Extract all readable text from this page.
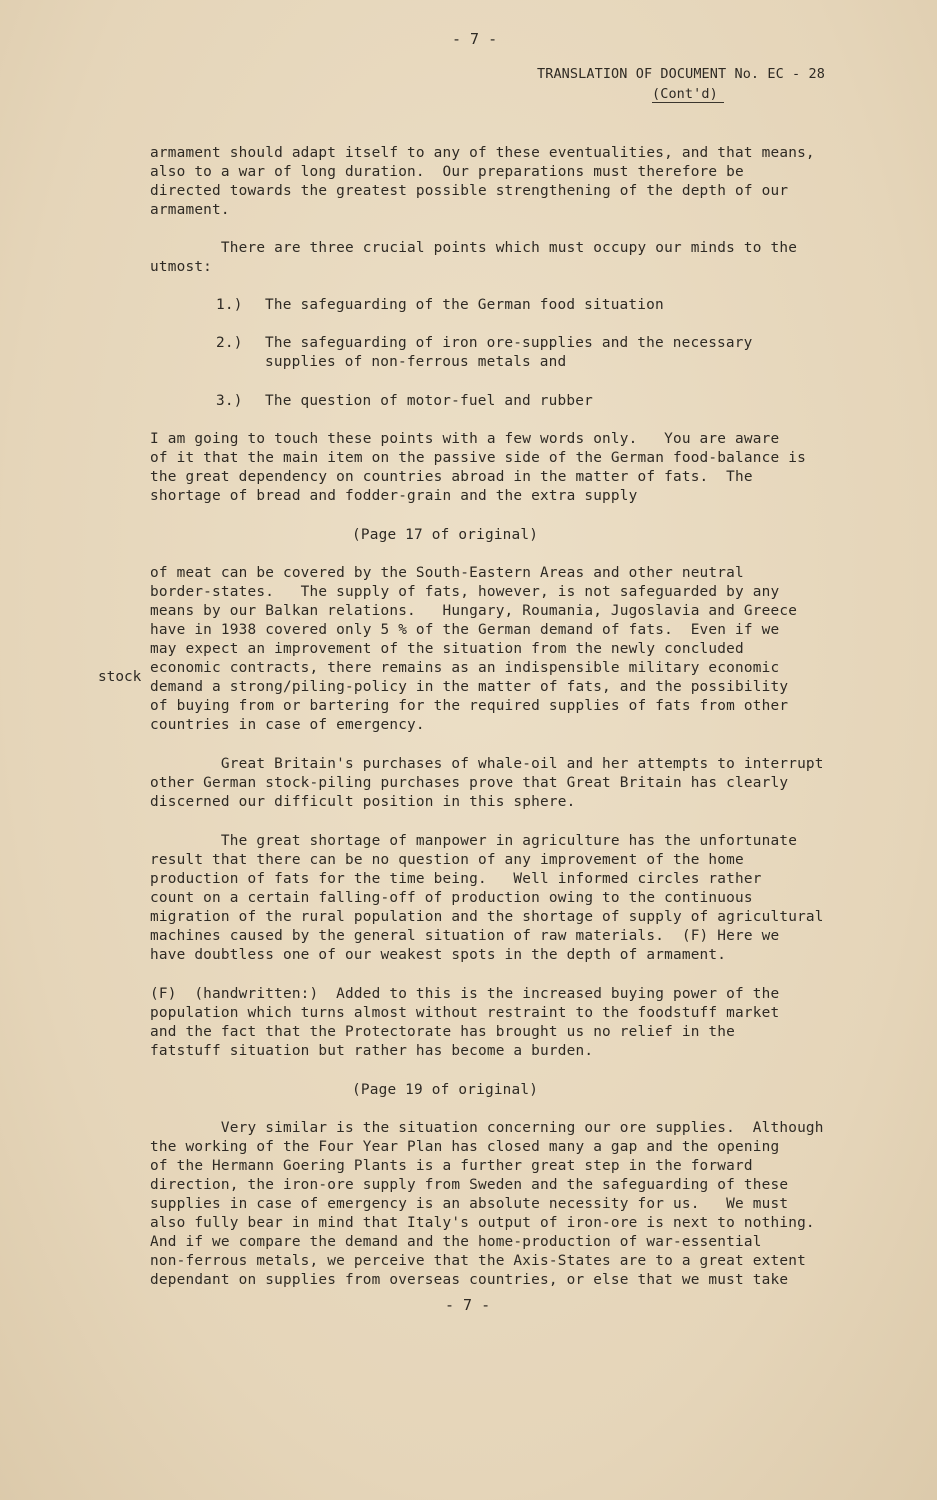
- 7 -
TRANSLATION OF DOCUMENT No. EC - 28
(Cont'd)
armament should adapt itself to any of these eventualities, and that means,
also to a war of long duration.  Our preparations must therefore be
directed towards the greatest possible strengthening of the depth of our
armament.
There are three crucial points which must occupy our minds to the
utmost:
1.) The safeguarding of the German food situation
2.) The safeguarding of iron ore-supplies and the necessary
supplies of non-ferrous metals and
3.) The question of motor-fuel and rubber
I am going to touch these points with a few words only.   You are aware
of it that the main item on the passive side of the German food-balance is
the great dependency on countries abroad in the matter of fats.  The
shortage of bread and fodder-grain and the extra supply
(Page 17 of original)
of meat can be covered by the South-Eastern Areas and other neutral
border-states.   The supply of fats, however, is not safeguarded by any
means by our Balkan relations.   Hungary, Roumania, Jugoslavia and Greece
have in 1938 covered only 5 % of the German demand of fats.  Even if we
may expect an improvement of the situation from the newly concluded
economic contracts, there remains as an indispensible military economic
demand a strong/piling-policy in the matter of fats, and the possibility
of buying from or bartering for the required supplies of fats from other
countries in case of emergency.
stock
Great Britain's purchases of whale-oil and her attempts to interrupt
other German stock-piling purchases prove that Great Britain has clearly
discerned our difficult position in this sphere.
The great shortage of manpower in agriculture has the unfortunate
result that there can be no question of any improvement of the home
production of fats for the time being.   Well informed circles rather
count on a certain falling-off of production owing to the continuous
migration of the rural population and the shortage of supply of agricultural
machines caused by the general situation of raw materials.  (F) Here we
have doubtless one of our weakest spots in the depth of armament.
(F)  (handwritten:)  Added to this is the increased buying power of the
population which turns almost without restraint to the foodstuff market
and the fact that the Protectorate has brought us no relief in the
fatstuff situation but rather has become a burden.
(Page 19 of original)
Very similar is the situation concerning our ore supplies.  Although
the working of the Four Year Plan has closed many a gap and the opening
of the Hermann Goering Plants is a further great step in the forward
direction, the iron-ore supply from Sweden and the safeguarding of these
supplies in case of emergency is an absolute necessity for us.   We must
also fully bear in mind that Italy's output of iron-ore is next to nothing.
And if we compare the demand and the home-production of war-essential
non-ferrous metals, we perceive that the Axis-States are to a great extent
dependant on supplies from overseas countries, or else that we must take
- 7 -
